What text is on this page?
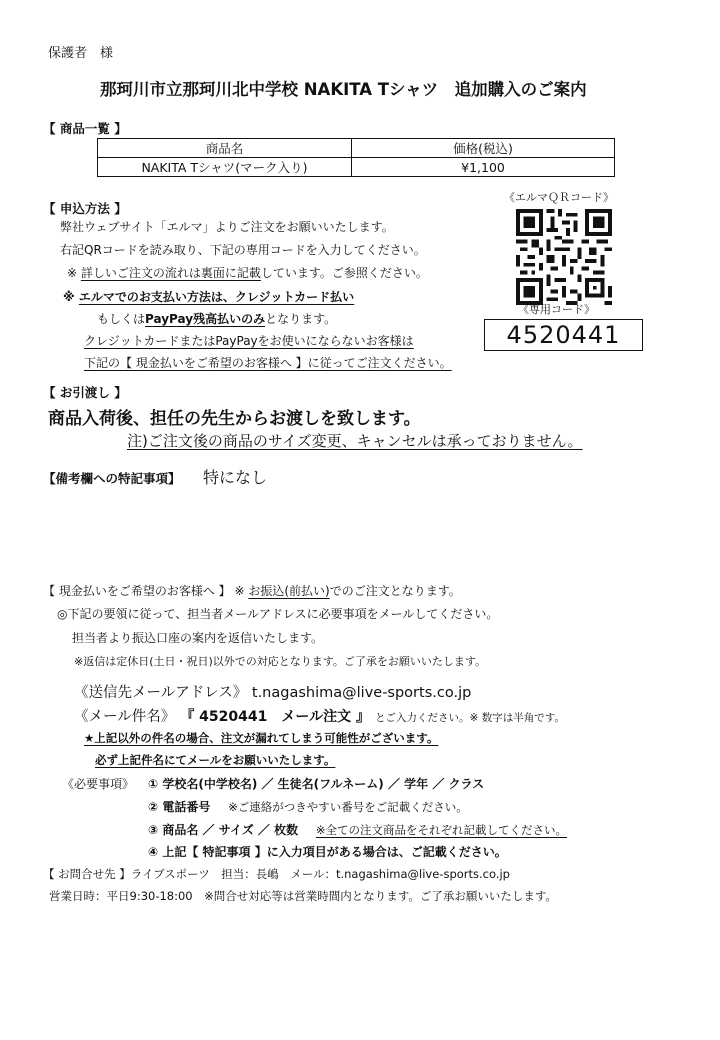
保護者　様
那珂川市立那珂川北中学校 NAKITA Tシャツ　追加購入のご案内
【 商品一覧 】
商品名	価格(税込)
NAKITA Tシャツ(マーク入り)	¥1,100
【 申込方法 】
弊社ウェブサイト「エルマ」よりご注文をお願いいたします。
右記QRコードを読み取り、下記の専用コードを入力してください。
※ 詳しいご注文の流れは裏面に記載しています。ご参照ください。
※ エルマでのお支払い方法は、クレジットカード払い
もしくはPayPay残高払いのみとなります。
クレジットカードまたはPayPayをお使いにならないお客様は
下記の【 現金払いをご希望のお客様へ 】に従ってご注文ください。
《エルマＱＲコード》
《専用コード》
4520441
【 お引渡し 】
商品入荷後、担任の先生からお渡しを致します。
注)ご注文後の商品のサイズ変更、キャンセルは承っておりません。
【備考欄への特記事項】 特になし
【 現金払いをご希望のお客様へ 】 ※ お振込(前払い)でのご注文となります。
◎下記の要領に従って、担当者メールアドレスに必要事項をメールしてください。
担当者より振込口座の案内を返信いたします。
※返信は定休日(土日・祝日)以外での対応となります。ご了承をお願いいたします。
《送信先メールアドレス》 t.nagashima@live-sports.co.jp
《メール件名》 『 4520441　メール注文 』 とご入力ください。※ 数字は半角です。
★上記以外の件名の場合、注文が漏れてしまう可能性がございます。
必ず上記件名にてメールをお願いいたします。
《必要事項》 ① 学校名(中学校名) ／ 生徒名(フルネーム) ／ 学年 ／ クラス
② 電話番号 ※ご連絡がつきやすい番号をご記載ください。
③ 商品名 ／ サイズ ／ 枚数 ※全ての注文商品をそれぞれ記載してください。
④ 上記【 特記事項 】に入力項目がある場合は、ご記載ください。
【 お問合せ先 】ライブスポーツ　担当：長嶋　メール：t.nagashima@live-sports.co.jp
営業日時：平日9:30-18:00　※問合せ対応等は営業時間内となります。ご了承お願いいたします。
